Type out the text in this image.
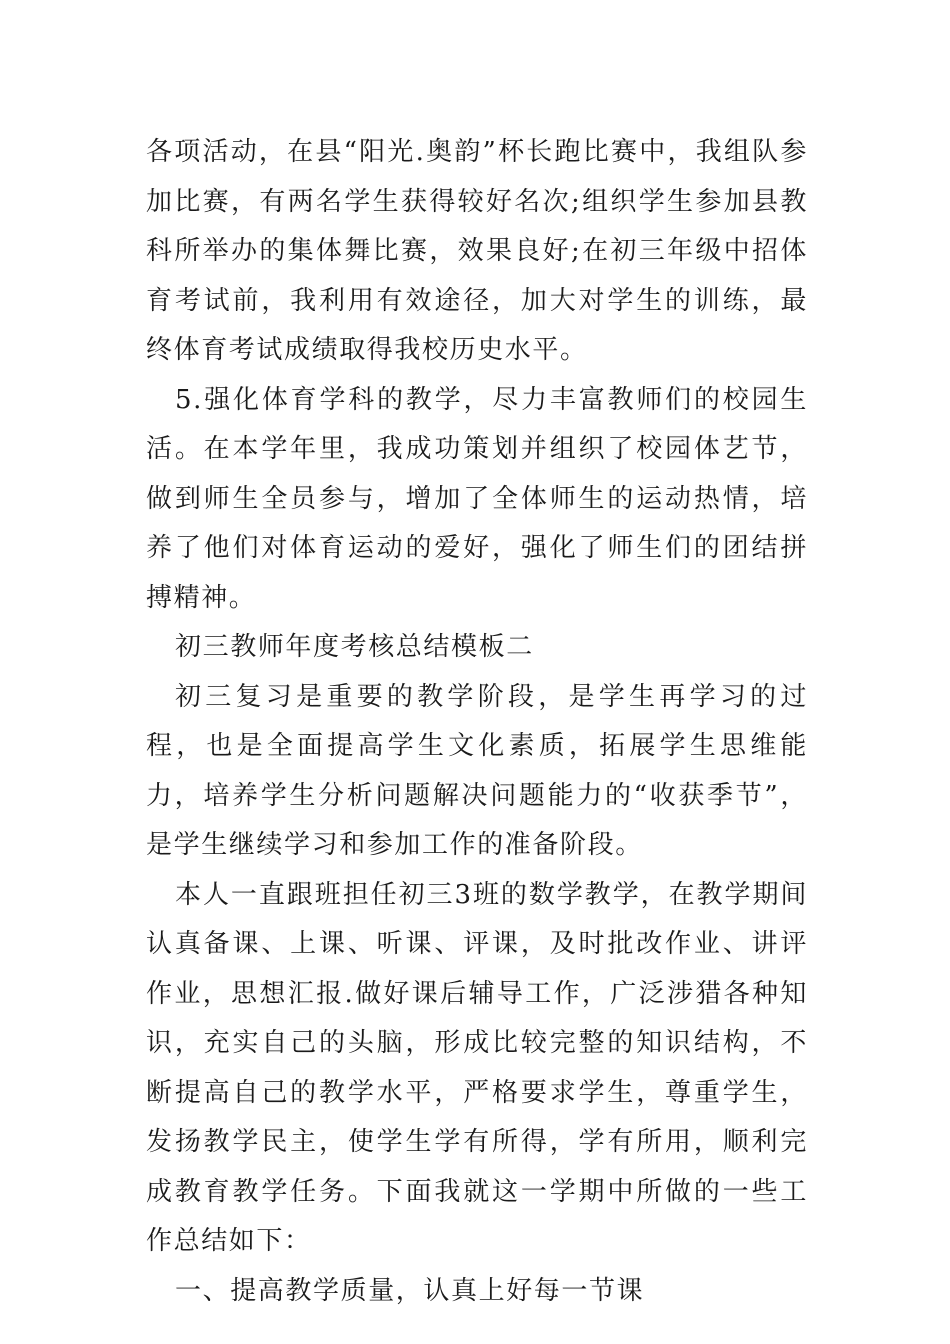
各项活动，在县“阳光.奥韵”杯长跑比赛中，我组队参加比赛，有两名学生获得较好名次;组织学生参加县教科所举办的集体舞比赛，效果良好;在初三年级中招体育考试前，我利用有效途径，加大对学生的训练，最终体育考试成绩取得我校历史水平。

5.强化体育学科的教学，尽力丰富教师们的校园生活。在本学年里，我成功策划并组织了校园体艺节，做到师生全员参与，增加了全体师生的运动热情，培养了他们对体育运动的爱好，强化了师生们的团结拼搏精神。

初三教师年度考核总结模板二

初三复习是重要的教学阶段，是学生再学习的过程，也是全面提高学生文化素质，拓展学生思维能力，培养学生分析问题解决问题能力的“收获季节”，是学生继续学习和参加工作的准备阶段。

本人一直跟班担任初三3班的数学教学，在教学期间认真备课、上课、听课、评课，及时批改作业、讲评作业，思想汇报.做好课后辅导工作，广泛涉猎各种知识，充实自己的头脑，形成比较完整的知识结构，不断提高自己的教学水平，严格要求学生，尊重学生，发扬教学民主，使学生学有所得，学有所用，顺利完成教育教学任务。下面我就这一学期中所做的一些工作总结如下：

一、提高教学质量，认真上好每一节课
